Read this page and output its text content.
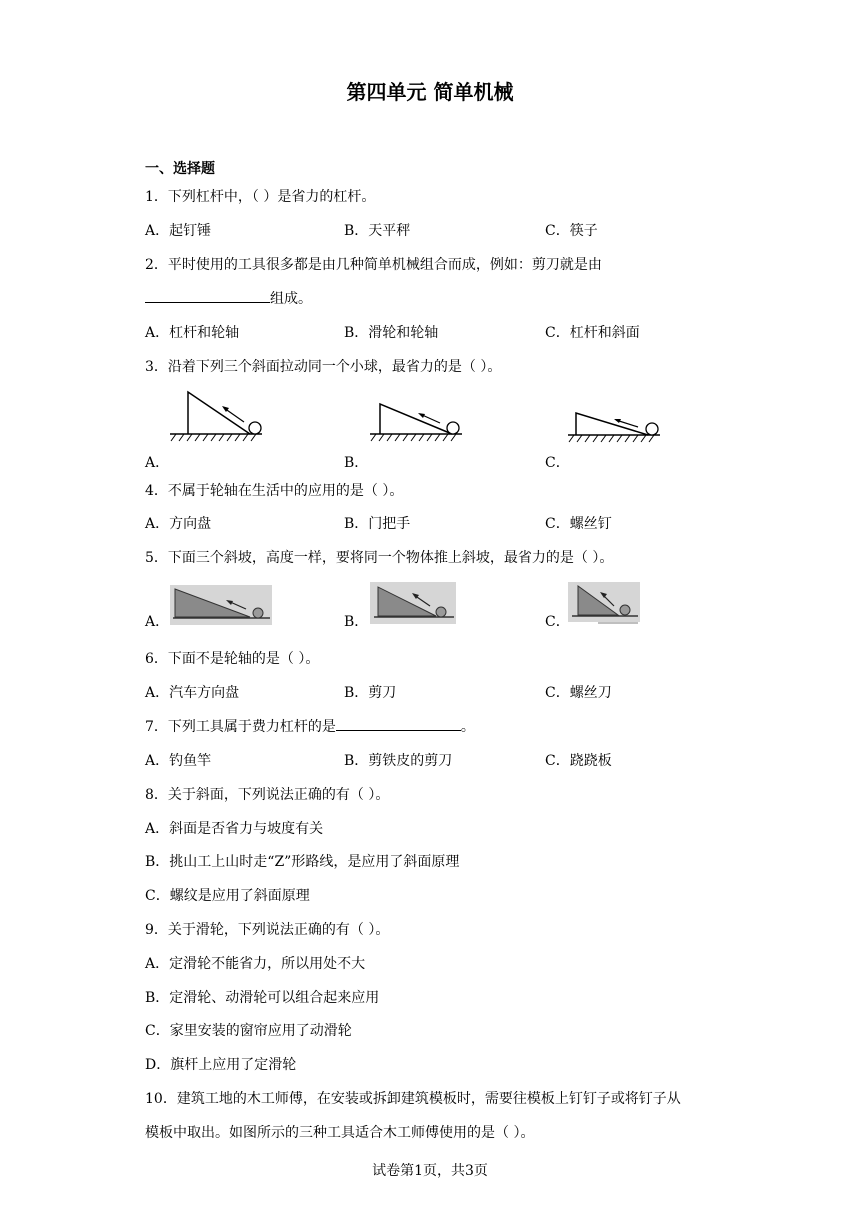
第四单元 简单机械
一、选择题
1．下列杠杆中，（ ）是省力的杠杆。
A．起钉锤	B．天平秤	C．筷子
2．平时使用的工具很多都是由几种简单机械组合而成，例如：剪刀就是由
组成。
A．杠杆和轮轴	B．滑轮和轮轴	C．杠杆和斜面
3．沿着下列三个斜面拉动同一个小球，最省力的是（ ）。
A．	B．	C．
4．不属于轮轴在生活中的应用的是（ ）。
A．方向盘	B．门把手	C．螺丝钉
5．下面三个斜坡，高度一样，要将同一个物体推上斜坡，最省力的是（ ）。
A．	B．	C．
6．下面不是轮轴的是（ ）。
A．汽车方向盘	B．剪刀	C．螺丝刀
7．下列工具属于费力杠杆的是	。
A．钓鱼竿	B．剪铁皮的剪刀	C．跷跷板
8．关于斜面，下列说法正确的有（ ）。
A．斜面是否省力与坡度有关
B．挑山工上山时走“Z”形路线，是应用了斜面原理
C．螺纹是应用了斜面原理
9．关于滑轮，下列说法正确的有（ ）。
A．定滑轮不能省力，所以用处不大
B．定滑轮、动滑轮可以组合起来应用
C．家里安装的窗帘应用了动滑轮
D．旗杆上应用了定滑轮
10．建筑工地的木工师傅，在安装或拆卸建筑模板时，需要往模板上钉钉子或将钉子从
模板中取出。如图所示的三种工具适合木工师傅使用的是（ ）。
试卷第1页，共3页
